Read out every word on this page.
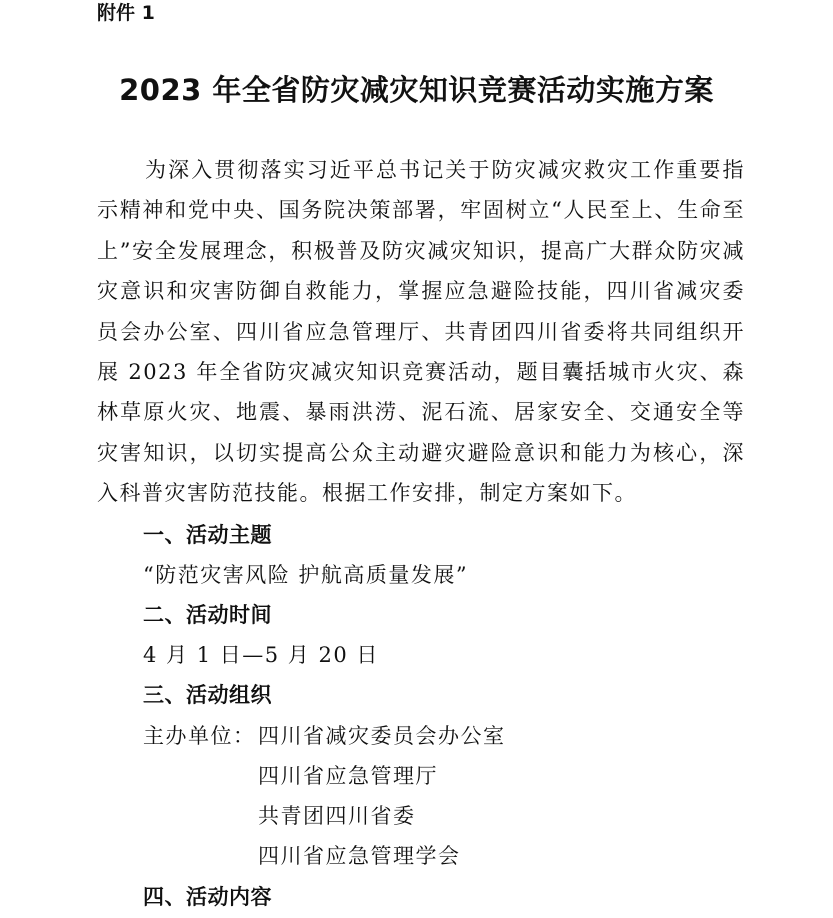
附件 1
2023 年全省防灾减灾知识竞赛活动实施方案

为深入贯彻落实习近平总书记关于防灾减灾救灾工作重要指示精神和党中央、国务院决策部署，牢固树立“人民至上、生命至上”安全发展理念，积极普及防灾减灾知识，提高广大群众防灾减灾意识和灾害防御自救能力，掌握应急避险技能，四川省减灾委员会办公室、四川省应急管理厅、共青团四川省委将共同组织开展 2023 年全省防灾减灾知识竞赛活动，题目囊括城市火灾、森林草原火灾、地震、暴雨洪涝、泥石流、居家安全、交通安全等灾害知识，以切实提高公众主动避灾避险意识和能力为核心，深入科普灾害防范技能。根据工作安排，制定方案如下。

一、活动主题
“防范灾害风险 护航高质量发展”
二、活动时间
4 月 1 日—5 月 20 日
三、活动组织
主办单位： 四川省减灾委员会办公室
四川省应急管理厅
共青团四川省委
四川省应急管理学会
四、活动内容
